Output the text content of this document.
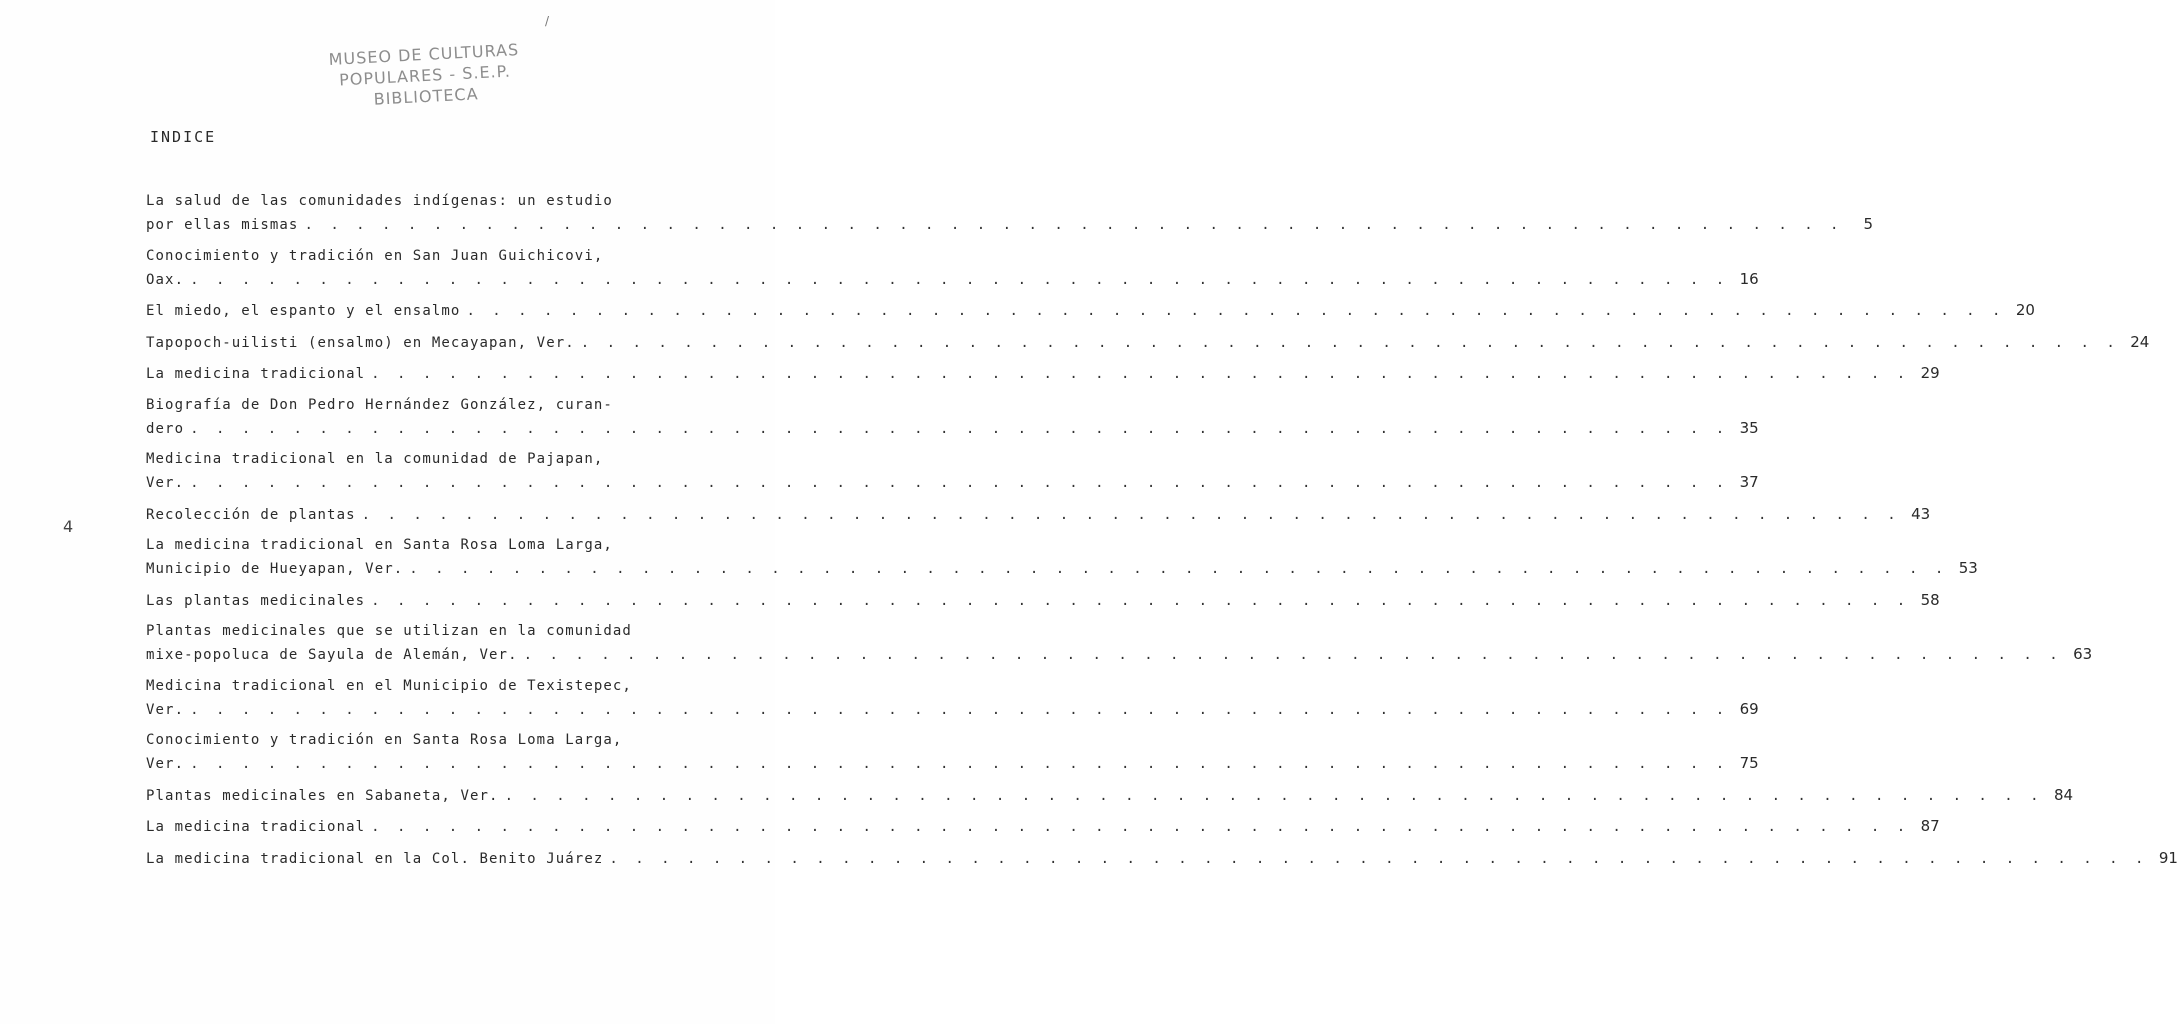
/
MUSEO DE CULTURAS
POPULARES - S.E.P.
BIBLIOTECA
INDICE
4
La salud de las comunidades indígenas: un estudio
por ellas mismas . . . . . . . . . . . . . . . . . . . . . . . . . . . . . . . . . . . . . . . . . . . . . . . . . . . . . . . . . . . .	5
Conocimiento y tradición en San Juan Guichicovi,
Oax. . . . . . . . . . . . . . . . . . . . . . . . . . . . . . . . . . . . . . . . . . . . . . . . . . . . . . . . . . . . . 16
El miedo, el espanto y el ensalmo . . . . . . . . . . . . . . . . . . . . . . . . . . . . . . . . . . . . . . . . . . . . . . . . . . . . . . . . . . . . 20
Tapopoch-uilisti (ensalmo) en Mecayapan, Ver. . . . . . . . . . . . . . . . . . . . . . . . . . . . . . . . . . . . . . . . . . . . . . . . . . . . . . . . . . . . . 24
La medicina tradicional . . . . . . . . . . . . . . . . . . . . . . . . . . . . . . . . . . . . . . . . . . . . . . . . . . . . . . . . . . . . 29
Biografía de Don Pedro Hernández González, curan-
dero . . . . . . . . . . . . . . . . . . . . . . . . . . . . . . . . . . . . . . . . . . . . . . . . . . . . . . . . . . . . 35
Medicina tradicional en la comunidad de Pajapan,
Ver. . . . . . . . . . . . . . . . . . . . . . . . . . . . . . . . . . . . . . . . . . . . . . . . . . . . . . . . . . . . . 37
Recolección de plantas . . . . . . . . . . . . . . . . . . . . . . . . . . . . . . . . . . . . . . . . . . . . . . . . . . . . . . . . . . . . 43
La medicina tradicional en Santa Rosa Loma Larga,
Municipio de Hueyapan, Ver. . . . . . . . . . . . . . . . . . . . . . . . . . . . . . . . . . . . . . . . . . . . . . . . . . . . . . . . . . . . . 53
Las plantas medicinales . . . . . . . . . . . . . . . . . . . . . . . . . . . . . . . . . . . . . . . . . . . . . . . . . . . . . . . . . . . . 58
Plantas medicinales que se utilizan en la comunidad
mixe-popoluca de Sayula de Alemán, Ver. . . . . . . . . . . . . . . . . . . . . . . . . . . . . . . . . . . . . . . . . . . . . . . . . . . . . . . . . . . . . 63
Medicina tradicional en el Municipio de Texistepec,
Ver. . . . . . . . . . . . . . . . . . . . . . . . . . . . . . . . . . . . . . . . . . . . . . . . . . . . . . . . . . . . . 69
Conocimiento y tradición en Santa Rosa Loma Larga,
Ver. . . . . . . . . . . . . . . . . . . . . . . . . . . . . . . . . . . . . . . . . . . . . . . . . . . . . . . . . . . . . 75
Plantas medicinales en Sabaneta, Ver. . . . . . . . . . . . . . . . . . . . . . . . . . . . . . . . . . . . . . . . . . . . . . . . . . . . . . . . . . . . . 84
La medicina tradicional . . . . . . . . . . . . . . . . . . . . . . . . . . . . . . . . . . . . . . . . . . . . . . . . . . . . . . . . . . . . 87
La medicina tradicional en la Col. Benito Juárez . . . . . . . . . . . . . . . . . . . . . . . . . . . . . . . . . . . . . . . . . . . . . . . . . . . . . . . . . . . . 91
